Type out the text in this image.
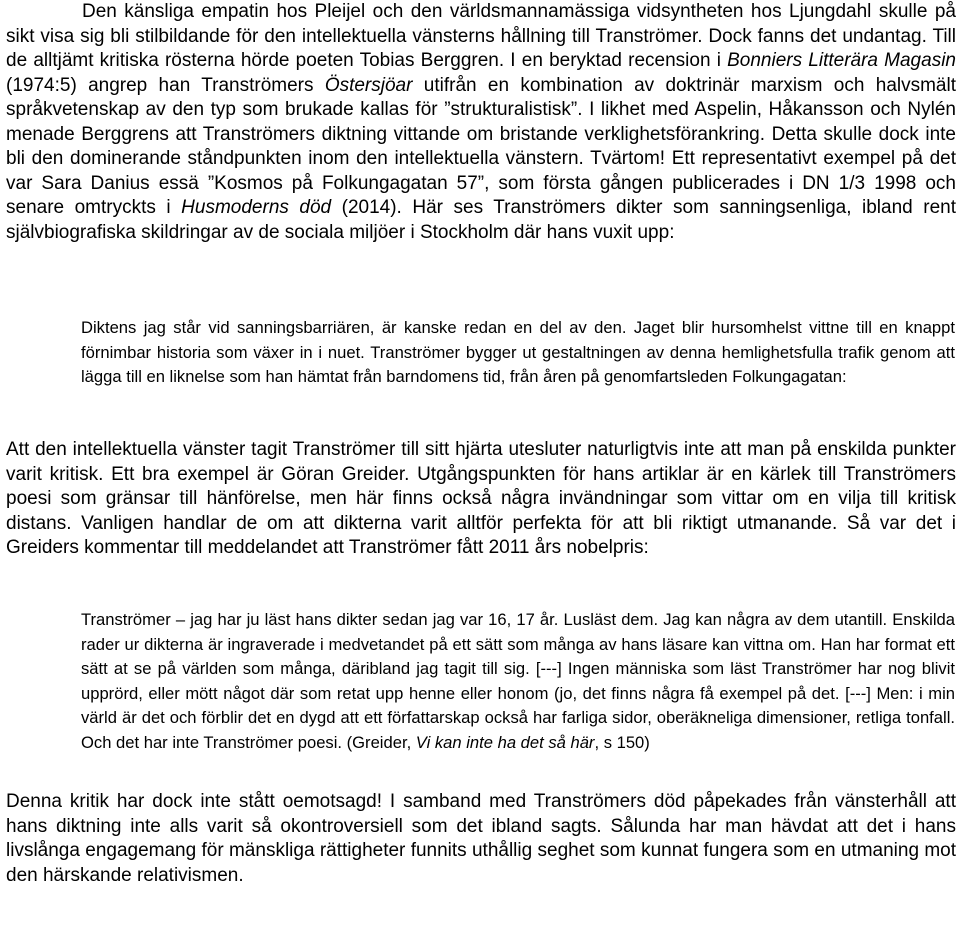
Den känsliga empatin hos Pleijel och den världsmannamässiga vidsyntheten hos Ljungdahl skulle på sikt visa sig bli stilbildande för den intellektuella vänsterns hållning till Tranströmer. Dock fanns det undantag. Till de alltjämt kritiska rösterna hörde poeten Tobias Berggren. I en beryktad recension i Bonniers Litterära Magasin (1974:5) angrep han Tranströmers Östersjöar utifrån en kombination av doktrinär marxism och halvsmält språkvetenskap av den typ som brukade kallas för ”strukturalistisk”. I likhet med Aspelin, Håkansson och Nylén menade Berggrens att Tranströmers diktning vittande om bristande verklighetsförankring. Detta skulle dock inte bli den dominerande ståndpunkten inom den intellektuella vänstern. Tvärtom! Ett representativt exempel på det var Sara Danius essä ”Kosmos på Folkungagatan 57”, som första gången publicerades i DN 1/3 1998 och senare omtryckts i Husmoderns död (2014). Här ses Tranströmers dikter som sanningsenliga, ibland rent självbiografiska skildringar av de sociala miljöer i Stockholm där hans vuxit upp:

Diktens jag står vid sanningsbarriären, är kanske redan en del av den. Jaget blir hursomhelst vittne till en knappt förnimbar historia som växer in i nuet. Tranströmer bygger ut gestaltningen av denna hemlighetsfulla trafik genom att lägga till en liknelse som han hämtat från barndomens tid, från åren på genomfartsleden Folkungagatan:

Att den intellektuella vänster tagit Tranströmer till sitt hjärta utesluter naturligtvis inte att man på enskilda punkter varit kritisk. Ett bra exempel är Göran Greider. Utgångspunkten för hans artiklar är en kärlek till Tranströmers poesi som gränsar till hänförelse, men här finns också några invändningar som vittar om en vilja till kritisk distans. Vanligen handlar de om att dikterna varit alltför perfekta för att bli riktigt utmanande. Så var det i Greiders kommentar till meddelandet att Tranströmer fått 2011 års nobelpris:

Tranströmer – jag har ju läst hans dikter sedan jag var 16, 17 år. Lusläst dem. Jag kan några av dem utantill. Enskilda rader ur dikterna är ingraverade i medvetandet på ett sätt som många av hans läsare kan vittna om. Han har format ett sätt at se på världen som många, däribland jag tagit till sig. [---] Ingen människa som läst Tranströmer har nog blivit upprörd, eller mött något där som retat upp henne eller honom (jo, det finns några få exempel på det. [---] Men: i min värld är det och förblir det en dygd att ett författarskap också har farliga sidor, oberäkneliga dimensioner, retliga tonfall. Och det har inte Tranströmer poesi. (Greider, Vi kan inte ha det så här, s 150)

Denna kritik har dock inte stått oemotsagd! I samband med Tranströmers död påpekades från vänsterhåll att hans diktning inte alls varit så okontroversiell som det ibland sagts. Sålunda har man hävdat att det i hans livslånga engagemang för mänskliga rättigheter funnits uthållig seghet som kunnat fungera som en utmaning mot den härskande relativismen.
